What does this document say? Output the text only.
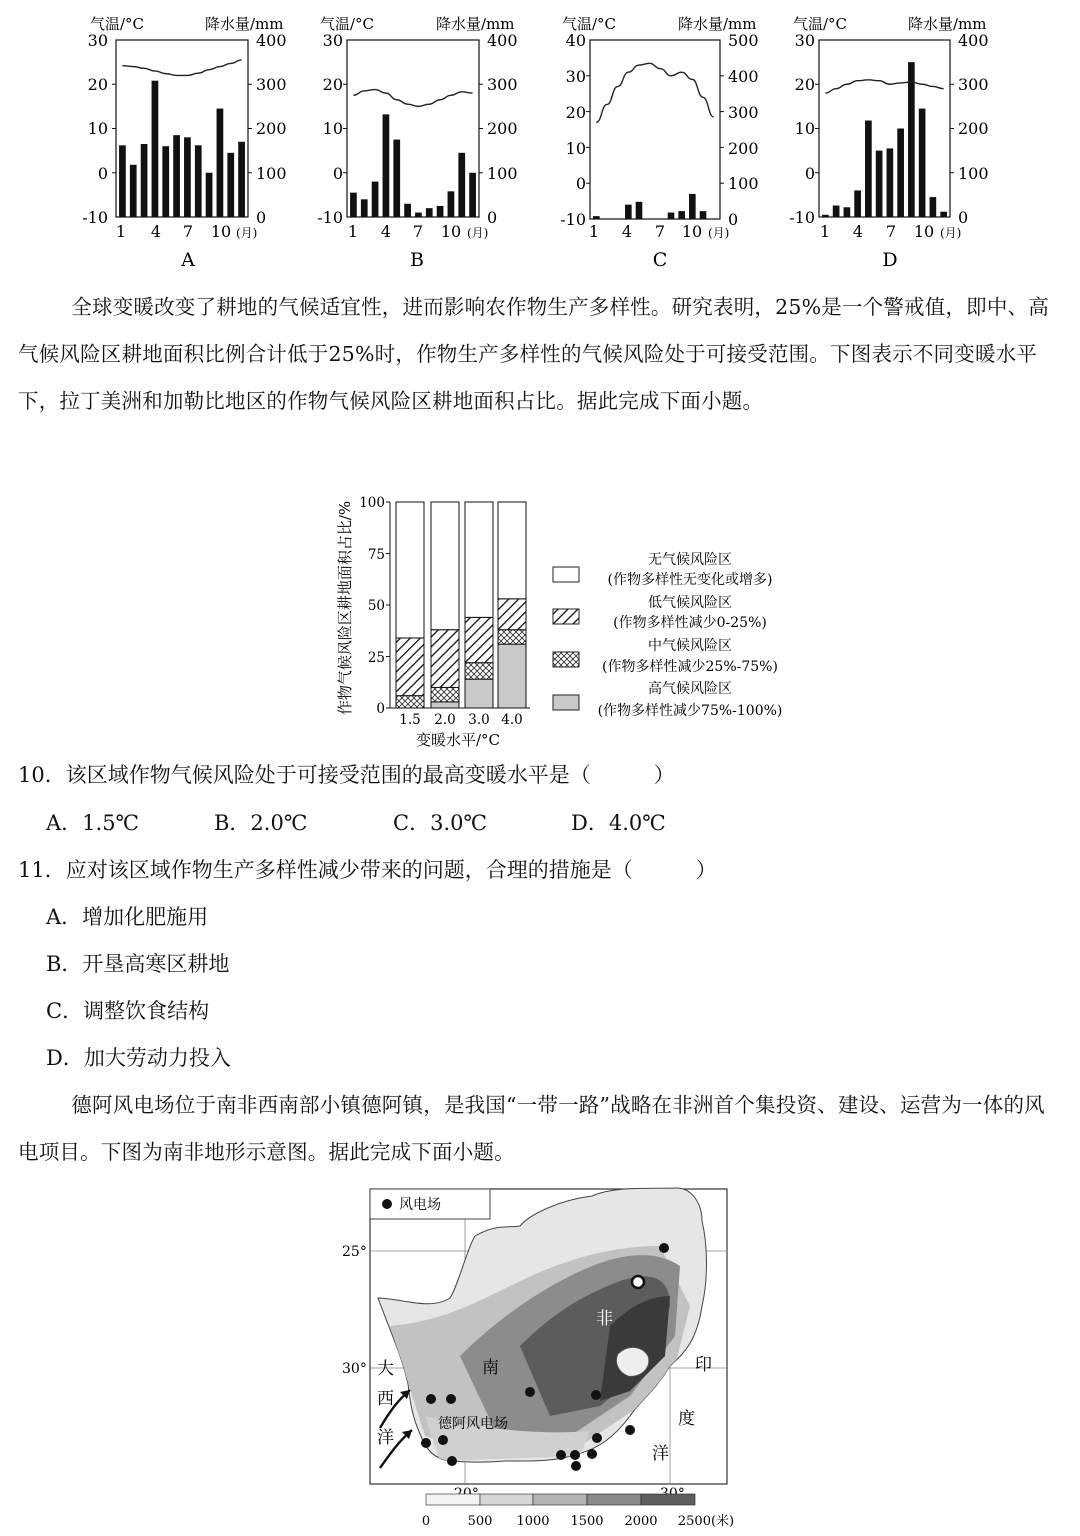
气温/°C	降水量/mm
30
20
10
0
-10
400
300
200
100
0
1 4 7 10 (月)
A
气温/°C	降水量/mm
30
20
10
0
-10
400
300
200
100
0
1 4 7 10 (月)
B
气温/°C	降水量/mm
40
30
20
10
0
-10
500
400
300
200
100
0
1 4 7 10 (月)
C
气温/°C	降水量/mm
30
20
10
0
-10
400
300
200
100
0
1 4 7 10 (月)
D

全球变暖改变了耕地的气候适宜性，进而影响农作物生产多样性。研究表明，25%是一个警戒值，即中、高气候风险区耕地面积比例合计低于25%时，作物生产多样性的气候风险处于可接受范围。下图表示不同变暖水平下，拉丁美洲和加勒比地区的作物气候风险区耕地面积占比。据此完成下面小题。

作物气候风险区耕地面积占比/% 100
75
50
25
0
1.5 2.0 3.0 4.0
变暖水平/°C
无气候风险区
(作物多样性无变化或增多)
低气候风险区
(作物多样性减少0-25%)
中气候风险区
(作物多样性减少25%-75%)
高气候风险区
(作物多样性减少75%-100%)
10．该区域作物气候风险处于可接受范围的最高变暖水平是（　　　）
A．1.5℃	B．2.0℃	C．3.0℃	D．4.0℃
11．应对该区域作物生产多样性减少带来的问题，合理的措施是（　　　）
A．增加化肥施用
B．开垦高寒区耕地
C．调整饮食结构
D．加大劳动力投入

德阿风电场位于南非西南部小镇德阿镇，是我国“一带一路”战略在非洲首个集投资、建设、运营为一体的风电项目。下图为南非地形示意图。据此完成下面小题。

风电场
25°
30° 大
西
洋
印
度
洋
南
非
德阿风电场
0	500 1000 1500 2000 2500(米)
